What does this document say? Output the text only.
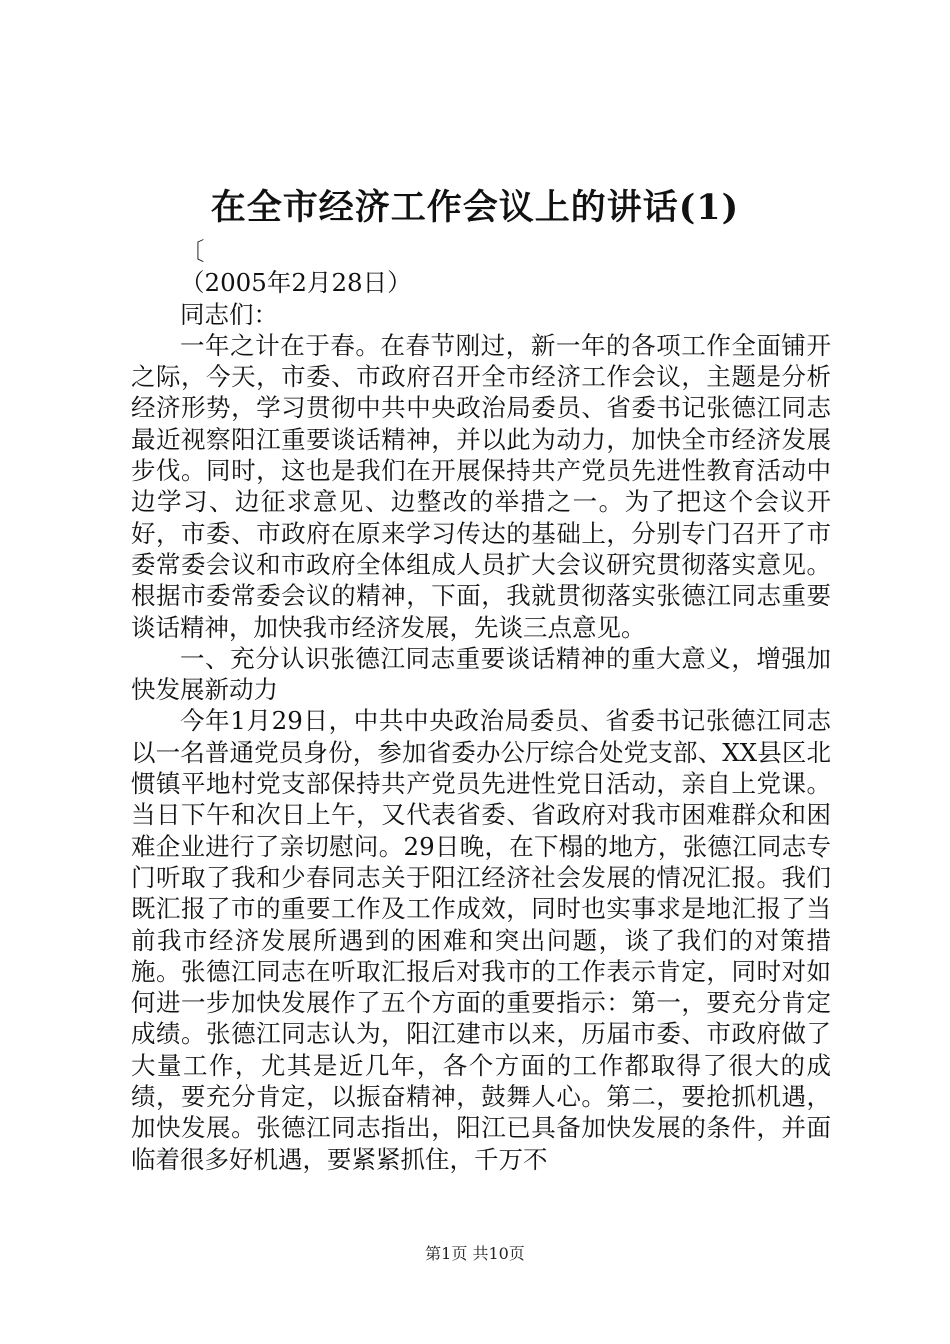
在全市经济工作会议上的讲话(1)

〔

（2005年2月28日）

同志们：

一年之计在于春。在春节刚过，新一年的各项工作全面铺开之际，今天，市委、市政府召开全市经济工作会议，主题是分析经济形势，学习贯彻中共中央政治局委员、省委书记张德江同志最近视察阳江重要谈话精神，并以此为动力，加快全市经济发展步伐。同时，这也是我们在开展保持共产党员先进性教育活动中边学习、边征求意见、边整改的举措之一。为了把这个会议开好，市委、市政府在原来学习传达的基础上，分别专门召开了市委常委会议和市政府全体组成人员扩大会议研究贯彻落实意见。根据市委常委会议的精神，下面，我就贯彻落实张德江同志重要谈话精神，加快我市经济发展，先谈三点意见。

一、充分认识张德江同志重要谈话精神的重大意义，增强加快发展新动力

今年1月29日，中共中央政治局委员、省委书记张德江同志以一名普通党员身份，参加省委办公厅综合处党支部、XX县区北惯镇平地村党支部保持共产党员先进性党日活动，亲自上党课。当日下午和次日上午，又代表省委、省政府对我市困难群众和困难企业进行了亲切慰问。29日晚，在下榻的地方，张德江同志专门听取了我和少春同志关于阳江经济社会发展的情况汇报。我们既汇报了市的重要工作及工作成效，同时也实事求是地汇报了当前我市经济发展所遇到的困难和突出问题，谈了我们的对策措施。张德江同志在听取汇报后对我市的工作表示肯定，同时对如何进一步加快发展作了五个方面的重要指示：第一，要充分肯定成绩。张德江同志认为，阳江建市以来，历届市委、市政府做了大量工作，尤其是近几年，各个方面的工作都取得了很大的成绩，要充分肯定，以振奋精神，鼓舞人心。第二，要抢抓机遇，加快发展。张德江同志指出，阳江已具备加快发展的条件，并面临着很多好机遇，要紧紧抓住，千万不

第1页 共10页
